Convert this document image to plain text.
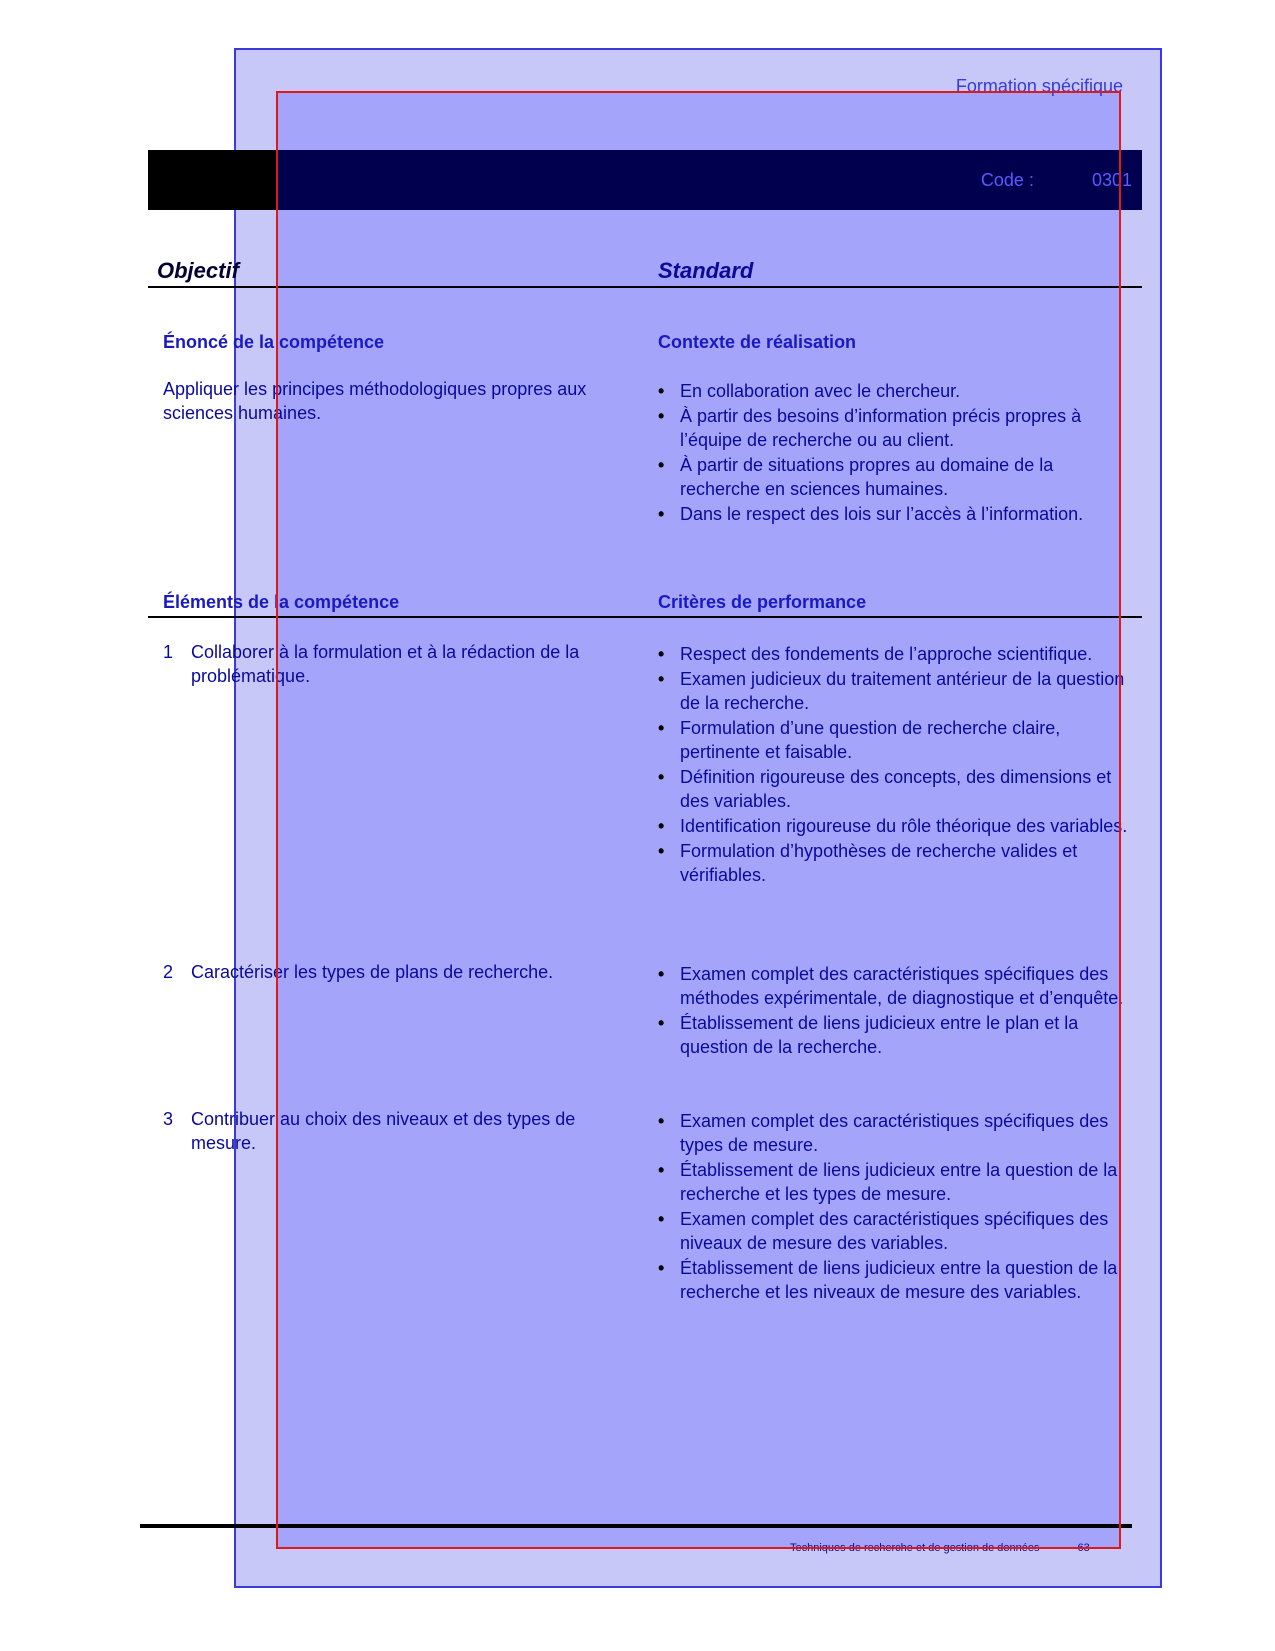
Formation spécifique
Code :	0301
Objectif	Standard
Énoncé de la compétence	Contexte de réalisation
Appliquer les principes méthodologiques propres aux sciences humaines.
• En collaboration avec le chercheur.
• À partir des besoins d’information précis propres à l’équipe de recherche ou au client.
• À partir de situations propres au domaine de la recherche en sciences humaines.
• Dans le respect des lois sur l’accès à l’information.
Éléments de la compétence	Critères de performance
1 Collaborer à la formulation et à la rédaction de la problématique.
• Respect des fondements de l’approche scientifique.
• Examen judicieux du traitement antérieur de la question de la recherche.
• Formulation d’une question de recherche claire, pertinente et faisable.
• Définition rigoureuse des concepts, des dimensions et des variables.
• Identification rigoureuse du rôle théorique des variables.
• Formulation d’hypothèses de recherche valides et vérifiables.
2 Caractériser les types de plans de recherche.
•	Examen complet des caractéristiques spécifiques des méthodes expérimentale, de diagnostique et d’enquête.
• Établissement de liens judicieux entre le plan et la question de la recherche.
3 Contribuer au choix des niveaux et des types de mesure.
• Examen complet des caractéristiques spécifiques des types de mesure.
• Établissement de liens judicieux entre la question de la recherche et les types de mesure.
• Examen complet des caractéristiques spécifiques des niveaux de mesure des variables.
• Établissement de liens judicieux entre la question de la recherche et les niveaux de mesure des variables.
Techniques de recherche et de gestion de données	63
